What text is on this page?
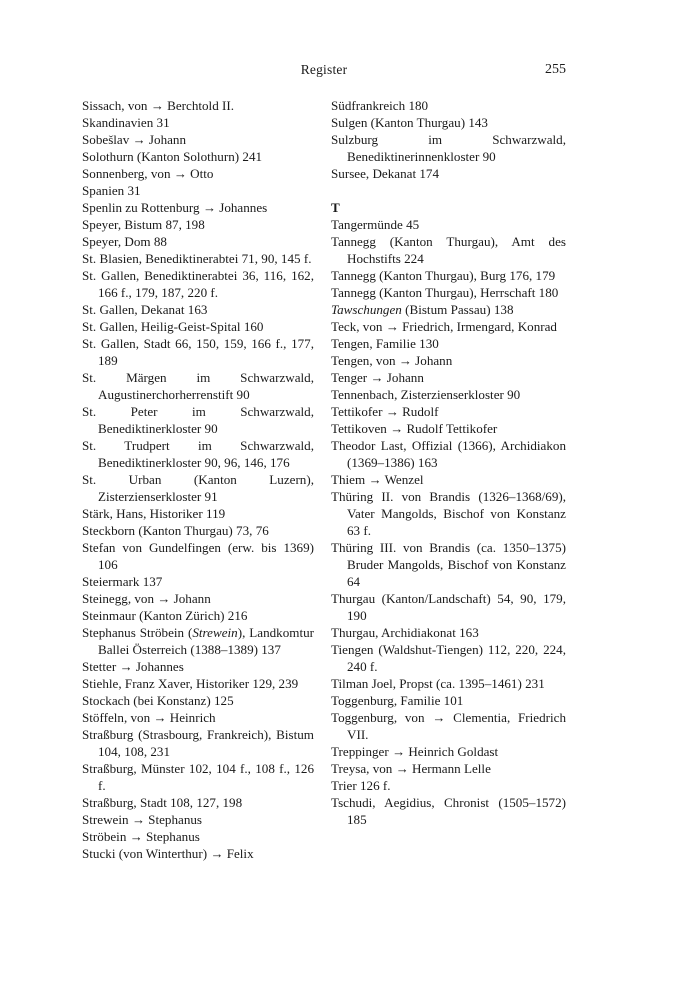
Register	255

Sissach, von → Berchtold II.

Skandinavien 31

Sobešlav → Johann

Solothurn (Kanton Solothurn) 241

Sonnenberg, von → Otto

Spanien 31

Spenlin zu Rottenburg → Johannes

Speyer, Bistum 87, 198

Speyer, Dom 88

St. Blasien, Benediktinerabtei 71, 90, 145 f.

St. Gallen, Benediktinerabtei 36, 116, 162, 166 f., 179, 187, 220 f.

St. Gallen, Dekanat 163

St. Gallen, Heilig-Geist-Spital 160

St. Gallen, Stadt 66, 150, 159, 166 f., 177, 189

St. Märgen im Schwarzwald, Augustinerchorherrenstift 90

St. Peter im Schwarzwald, Benediktinerkloster 90

St. Trudpert im Schwarzwald, Benediktinerkloster 90, 96, 146, 176

St. Urban (Kanton Luzern), Zisterzienserkloster 91

Stärk, Hans, Historiker 119

Steckborn (Kanton Thurgau) 73, 76

Stefan von Gundelfingen (erw. bis 1369) 106

Steiermark 137

Steinegg, von → Johann

Steinmaur (Kanton Zürich) 216

Stephanus Ströbein (Strewein), Landkomtur Ballei Österreich (1388–1389) 137

Stetter → Johannes

Stiehle, Franz Xaver, Historiker 129, 239

Stockach (bei Konstanz) 125

Stöffeln, von → Heinrich

Straßburg (Strasbourg, Frankreich), Bistum 104, 108, 231

Straßburg, Münster 102, 104 f., 108 f., 126 f.

Straßburg, Stadt 108, 127, 198

Strewein → Stephanus

Ströbein → Stephanus

Stucki (von Winterthur) → Felix

Südfrankreich 180

Sulgen (Kanton Thurgau) 143

Sulzburg im Schwarzwald, Benediktinerinnenkloster 90

Sursee, Dekanat 174

T

Tangermünde 45

Tannegg (Kanton Thurgau), Amt des Hochstifts 224

Tannegg (Kanton Thurgau), Burg 176, 179

Tannegg (Kanton Thurgau), Herrschaft 180

Tawschungen (Bistum Passau) 138

Teck, von → Friedrich, Irmengard, Konrad

Tengen, Familie 130

Tengen, von → Johann

Tenger → Johann

Tennenbach, Zisterzienserkloster 90

Tettikofer → Rudolf

Tettikoven → Rudolf Tettikofer

Theodor Last, Offizial (1366), Archidiakon (1369–1386) 163

Thiem → Wenzel

Thüring II. von Brandis (1326–1368/69), Vater Mangolds, Bischof von Konstanz 63 f.

Thüring III. von Brandis (ca. 1350–1375) Bruder Mangolds, Bischof von Konstanz 64

Thurgau (Kanton/Landschaft) 54, 90, 179, 190

Thurgau, Archidiakonat 163

Tiengen (Waldshut-Tiengen) 112, 220, 224, 240 f.

Tilman Joel, Propst (ca. 1395–1461) 231

Toggenburg, Familie 101

Toggenburg, von → Clementia, Friedrich VII.

Treppinger → Heinrich Goldast

Treysa, von → Hermann Lelle

Trier 126 f.

Tschudi, Aegidius, Chronist (1505–1572) 185
